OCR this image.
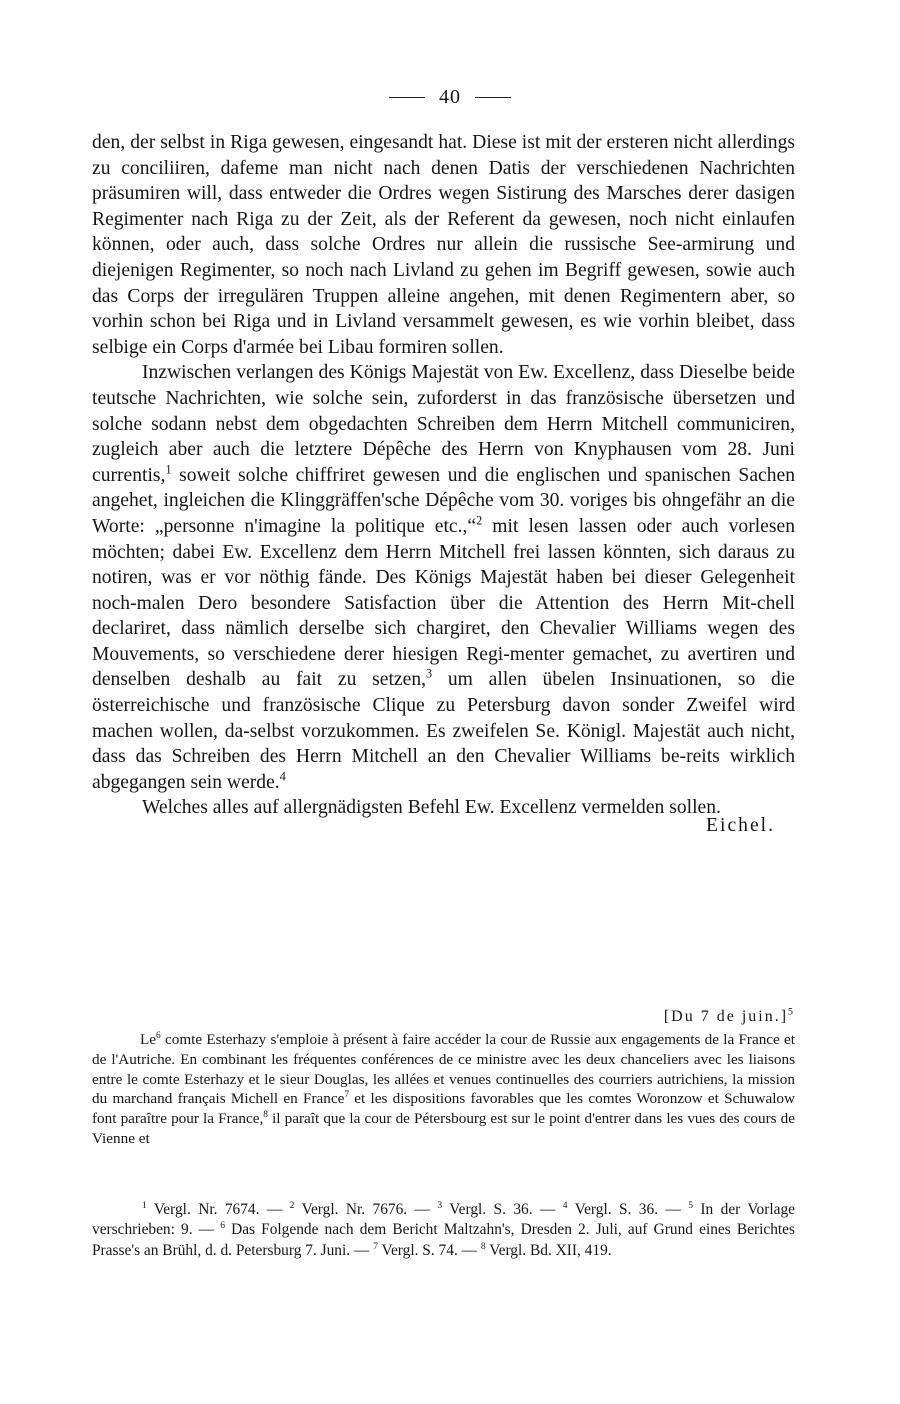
40

den, der selbst in Riga gewesen, eingesandt hat. Diese ist mit der ersteren nicht allerdings zu conciliiren, dafeme man nicht nach denen Datis der verschiedenen Nachrichten präsumiren will, dass entweder die Ordres wegen Sistirung des Marsches derer dasigen Regimenter nach Riga zu der Zeit, als der Referent da gewesen, noch nicht einlaufen können, oder auch, dass solche Ordres nur allein die russische See-armirung und diejenigen Regimenter, so noch nach Livland zu gehen im Begriff gewesen, sowie auch das Corps der irregulären Truppen alleine angehen, mit denen Regimentern aber, so vorhin schon bei Riga und in Livland versammelt gewesen, es wie vorhin bleibet, dass selbige ein Corps d'armée bei Libau formiren sollen.

Inzwischen verlangen des Königs Majestät von Ew. Excellenz, dass Dieselbe beide teutsche Nachrichten, wie solche sein, zuforderst in das französische übersetzen und solche sodann nebst dem obgedachten Schreiben dem Herrn Mitchell communiciren, zugleich aber auch die letztere Dépêche des Herrn von Knyphausen vom 28. Juni currentis,$^1$ soweit solche chiffriret gewesen und die englischen und spanischen Sachen angehet, ingleichen die Klinggräffen'sche Dépêche vom 30. voriges bis ohngefähr an die Worte: „personne n'imagine la politique etc.,“$^2$ mit lesen lassen oder auch vorlesen möchten; dabei Ew. Excellenz dem Herrn Mitchell frei lassen könnten, sich daraus zu notiren, was er vor nöthig fände. Des Königs Majestät haben bei dieser Gelegenheit noch-malen Dero besondere Satisfaction über die Attention des Herrn Mit-chell declariret, dass nämlich derselbe sich chargiret, den Chevalier Williams wegen des Mouvements, so verschiedene derer hiesigen Regi-menter gemachet, zu avertiren und denselben deshalb au fait zu setzen,$^3$ um allen übelen Insinuationen, so die österreichische und französische Clique zu Petersburg davon sonder Zweifel wird machen wollen, da-selbst vorzukommen. Es zweifelen Se. Königl. Majestät auch nicht, dass das Schreiben des Herrn Mitchell an den Chevalier Williams be-reits wirklich abgegangen sein werde.$^4$

Welches alles auf allergnädigsten Befehl Ew. Excellenz vermelden sollen.

Eichel.
[Du 7 de juin.]$^5$

Le$^6$ comte Esterhazy s'emploie à présent à faire accéder la cour de Russie aux engagements de la France et de l'Autriche. En combinant les fréquentes conférences de ce ministre avec les deux chanceliers avec les liaisons entre le comte Esterhazy et le sieur Douglas, les allées et venues continuelles des courriers autrichiens, la mission du marchand français Michell en France$^7$ et les dispositions favorables que les comtes Woronzow et Schuwalow font paraître pour la France,$^8$ il paraît que la cour de Pétersbourg est sur le point d'entrer dans les vues des cours de Vienne et

$^1$ Vergl. Nr. 7674. — $^2$ Vergl. Nr. 7676. — $^3$ Vergl. S. 36. — $^4$ Vergl. S. 36. — $^5$ In der Vorlage verschrieben: 9. — $^6$ Das Folgende nach dem Bericht Maltzahn's, Dresden 2. Juli, auf Grund eines Berichtes Prasse's an Brühl, d. d. Petersburg 7. Juni. — $^7$ Vergl. S. 74. — $^8$ Vergl. Bd. XII, 419.
